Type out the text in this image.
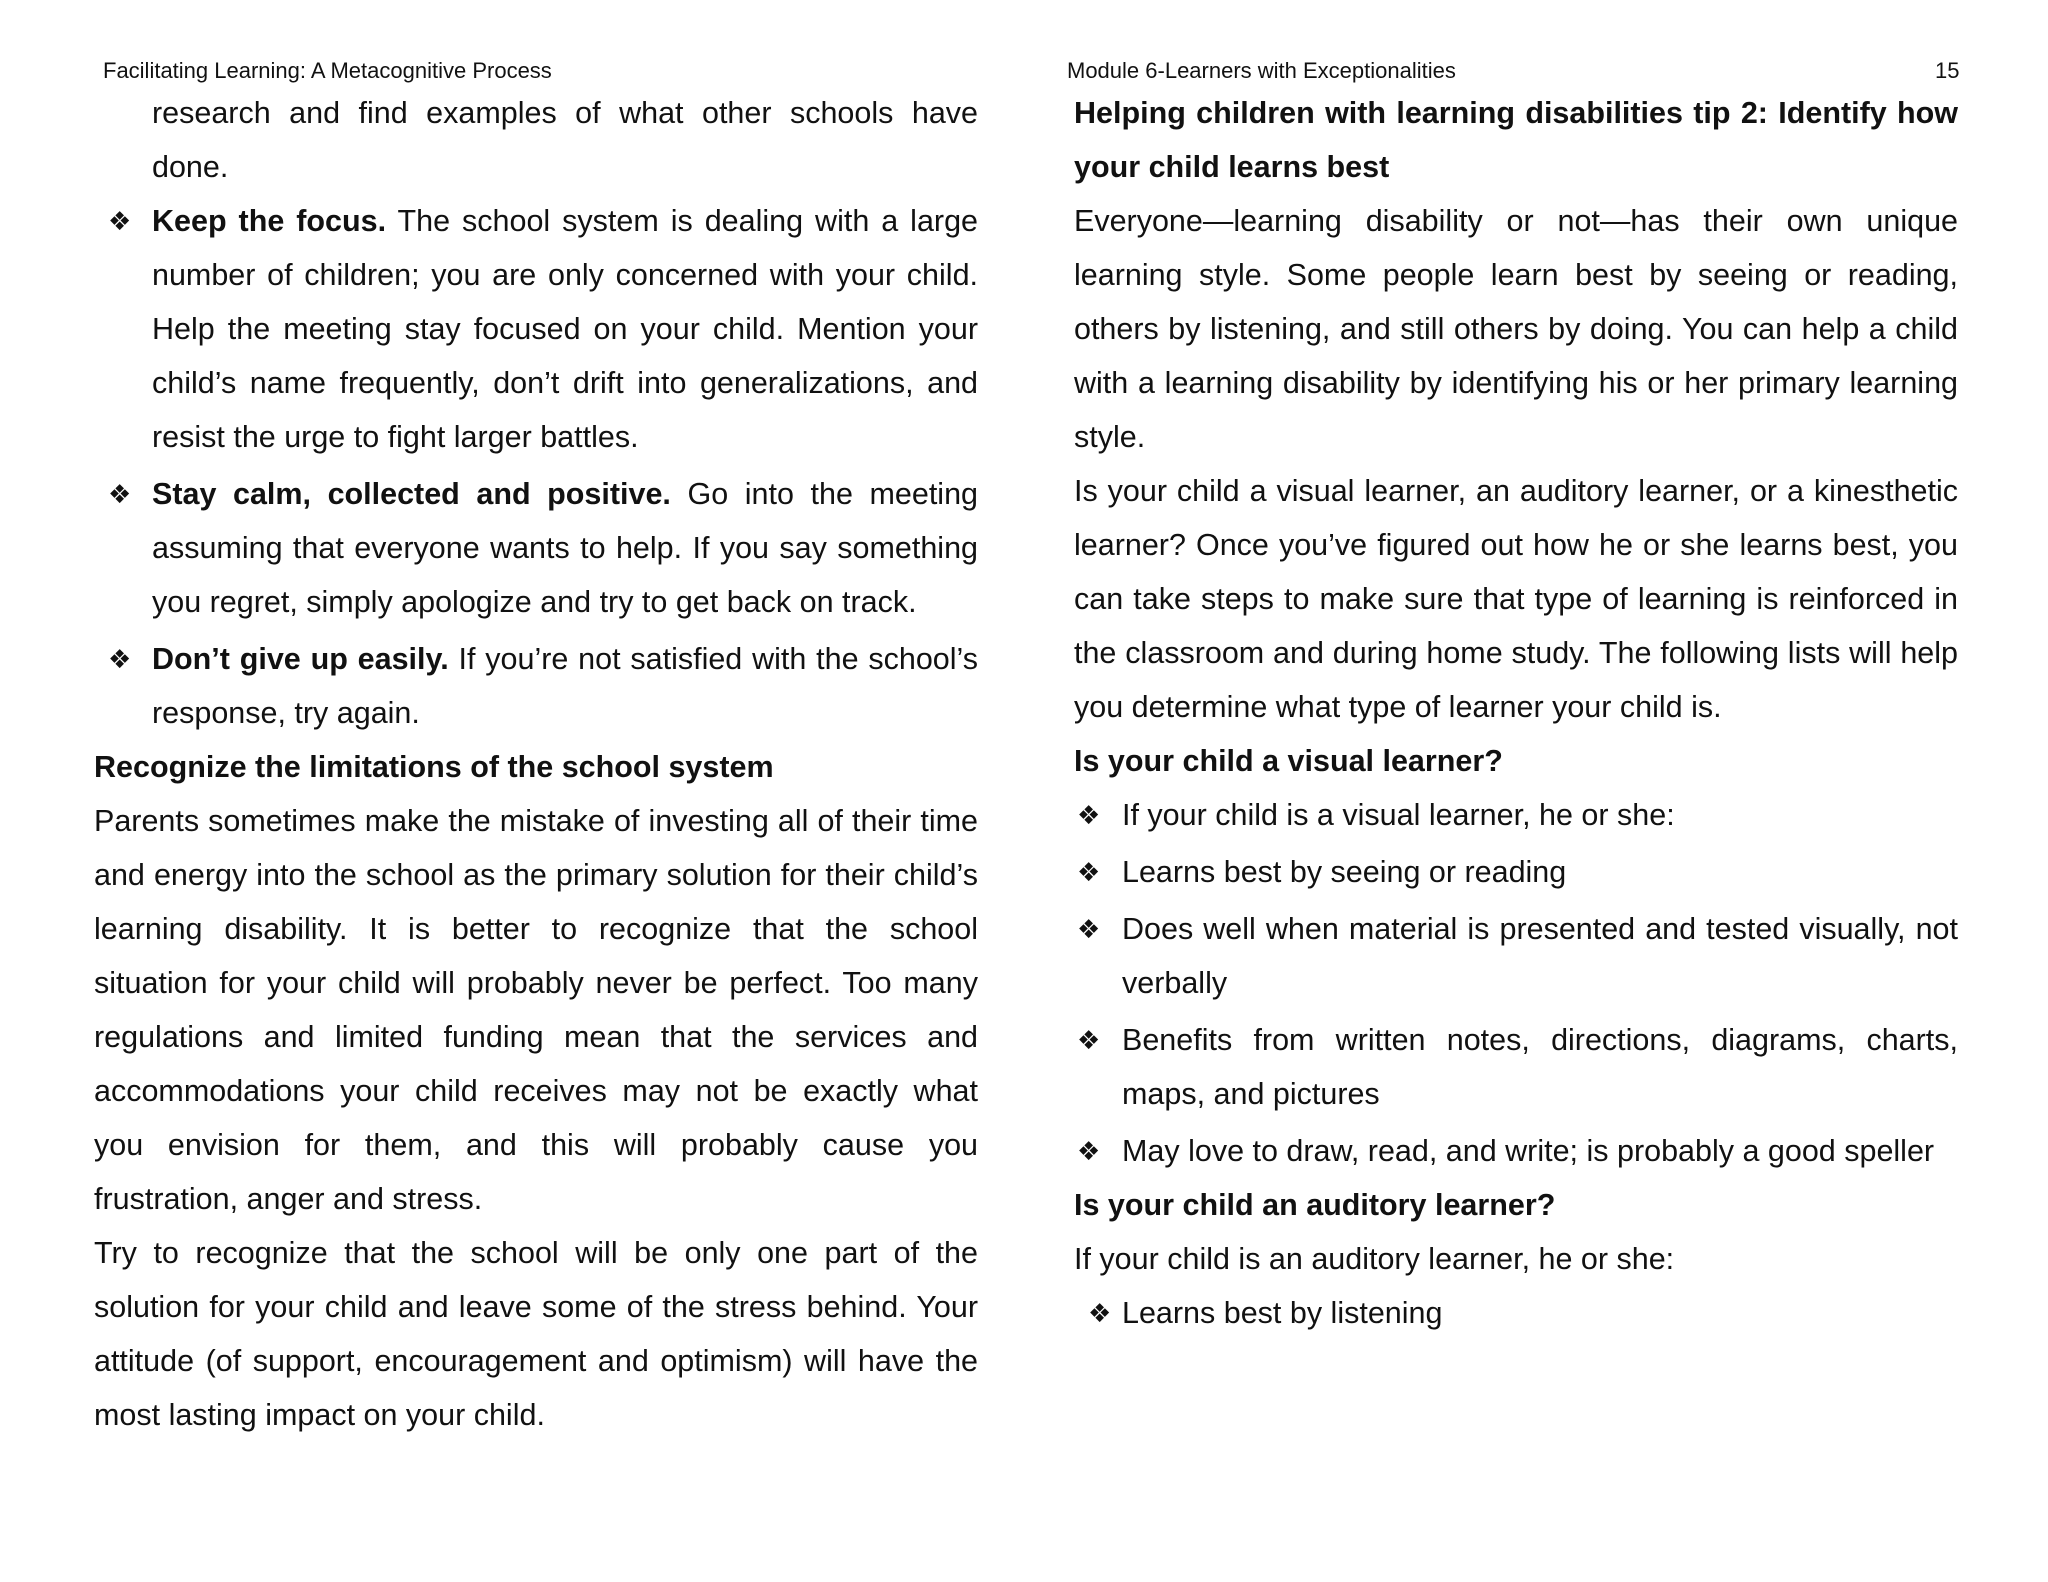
Facilitating Learning: A Metacognitive Process	Module 6-Learners with Exceptionalities	15

research and find examples of what other schools have done.

❖ Keep the focus. The school system is dealing with a large number of children; you are only concerned with your child. Help the meeting stay focused on your child. Mention your child’s name frequently, don’t drift into generalizations, and resist the urge to fight larger battles.
❖ Stay calm, collected and positive. Go into the meeting assuming that everyone wants to help. If you say something you regret, simply apologize and try to get back on track.
❖ Don’t give up easily. If you’re not satisfied with the school’s response, try again.
Recognize the limitations of the school system

Parents sometimes make the mistake of investing all of their time and energy into the school as the primary solution for their child’s learning disability. It is better to recognize that the school situation for your child will probably never be perfect. Too many regulations and limited funding mean that the services and accommodations your child receives may not be exactly what you envision for them, and this will probably cause you frustration, anger and stress.

Try to recognize that the school will be only one part of the solution for your child and leave some of the stress behind. Your attitude (of support, encouragement and optimism) will have the most lasting impact on your child.

Helping children with learning disabilities tip 2: Identify how your child learns best

Everyone—learning disability or not—has their own unique learning style. Some people learn best by seeing or reading, others by listening, and still others by doing. You can help a child with a learning disability by identifying his or her primary learning style.

Is your child a visual learner, an auditory learner, or a kinesthetic learner? Once you’ve figured out how he or she learns best, you can take steps to make sure that type of learning is reinforced in the classroom and during home study. The following lists will help you determine what type of learner your child is.

Is your child a visual learner?
❖ If your child is a visual learner, he or she:
❖ Learns best by seeing or reading
❖ Does well when material is presented and tested visually, not verbally
❖ Benefits from written notes, directions, diagrams, charts, maps, and pictures
❖ May love to draw, read, and write; is probably a good speller
Is your child an auditory learner?

If your child is an auditory learner, he or she:

❖ Learns best by listening
